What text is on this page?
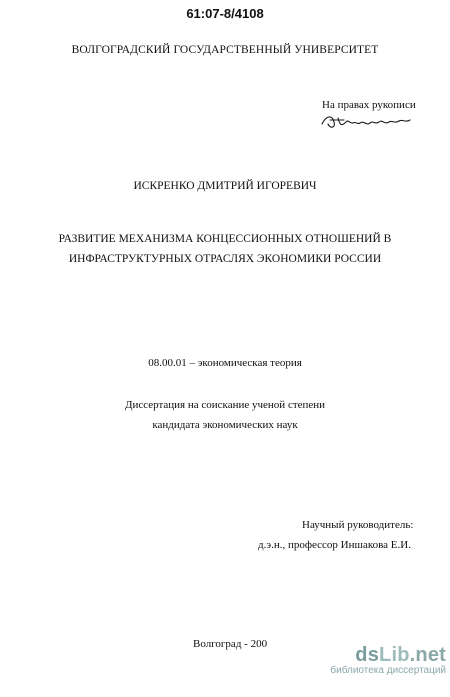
61:07-8/4108
ВОЛГОГРАДСКИЙ ГОСУДАРСТВЕННЫЙ УНИВЕРСИТЕТ
На правах рукописи
ИСКРЕНКО ДМИТРИЙ ИГОРЕВИЧ
РАЗВИТИЕ МЕХАНИЗМА КОНЦЕССИОННЫХ ОТНОШЕНИЙ В
ИНФРАСТРУКТУРНЫХ ОТРАСЛЯХ ЭКОНОМИКИ РОССИИ
08.00.01 – экономическая теория
Диссертация на соискание ученой степени
кандидата экономических наук
Научный руководитель:
д.э.н., профессор Иншакова Е.И.
Волгоград - 200	dsLib.net
библиотека диссертаций
